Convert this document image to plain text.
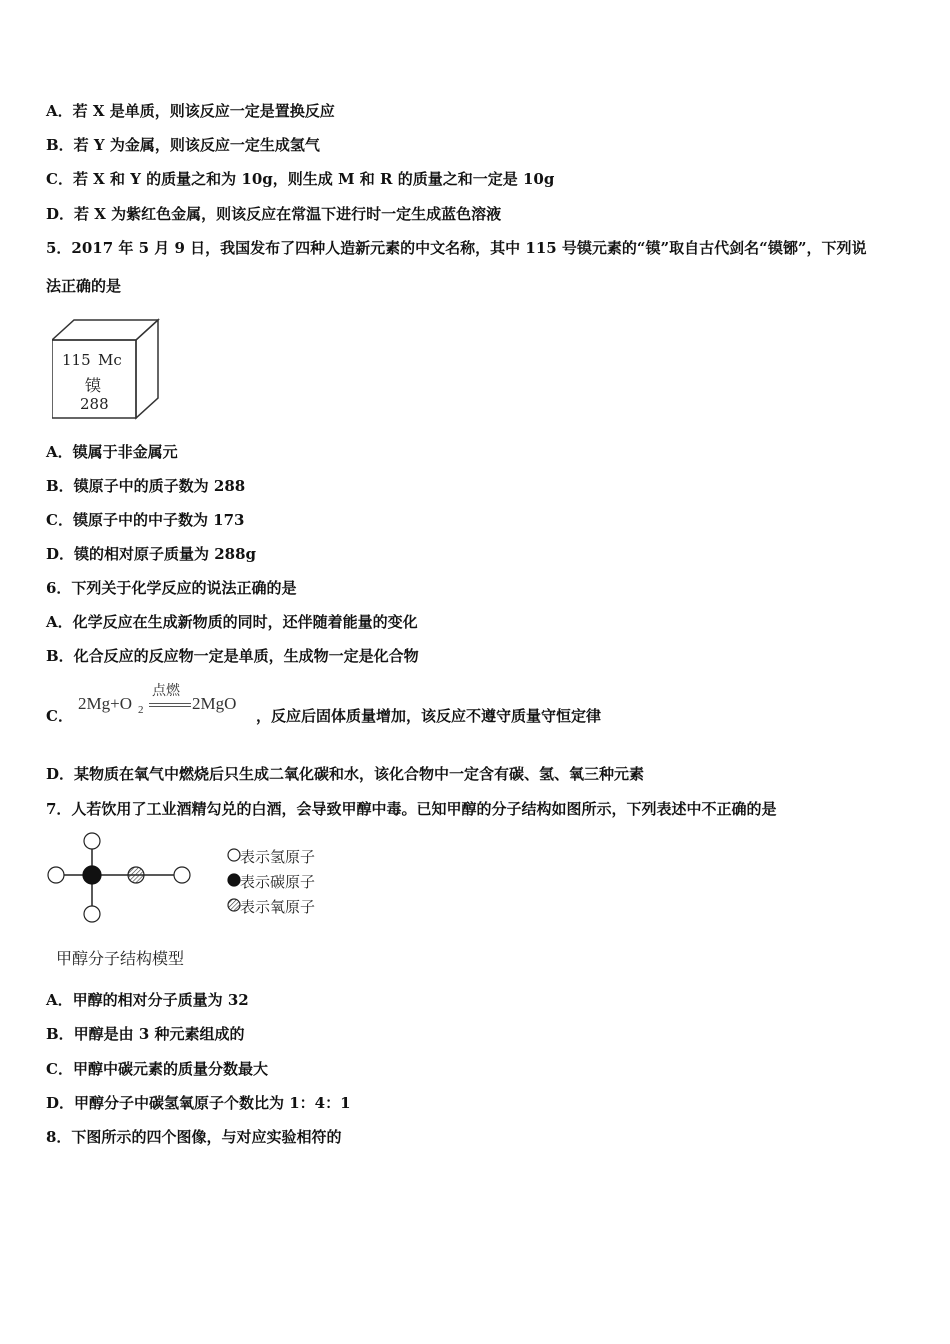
A．若 X 是单质，则该反应一定是置换反应
B．若 Y 为金属，则该反应一定生成氢气
C．若 X 和 Y 的质量之和为 10g，则生成 M 和 R 的质量之和一定是 10g
D．若 X 为紫红色金属，则该反应在常温下进行时一定生成蓝色溶液
5．2017 年 5 月 9 日，我国发布了四种人造新元素的中文名称，其中 115 号镆元素的“镆”取自古代剑名“镆铘”，下列说
法正确的是
115 Mc
镆
288
A．镆属于非金属元
B．镆原子中的质子数为 288
C．镆原子中的中子数为 173
D．镆的相对原子质量为 288g
6．下列关于化学反应的说法正确的是
A．化学反应在生成新物质的同时，还伴随着能量的变化
B．化合反应的反应物一定是单质，生成物一定是化合物
C．
2Mg+O 2
点燃
2MgO
，反应后固体质量增加，该反应不遵守质量守恒定律
D．某物质在氧气中燃烧后只生成二氧化碳和水，该化合物中一定含有碳、氢、氧三种元素
7．人若饮用了工业酒精勾兑的白酒，会导致甲醇中毒。已知甲醇的分子结构如图所示，下列表述中不正确的是
表示氢原子
表示碳原子
表示氧原子
甲醇分子结构模型
A．甲醇的相对分子质量为 32
B．甲醇是由 3 种元素组成的
C．甲醇中碳元素的质量分数最大
D．甲醇分子中碳氢氧原子个数比为 1：4：1
8．下图所示的四个图像，与对应实验相符的
